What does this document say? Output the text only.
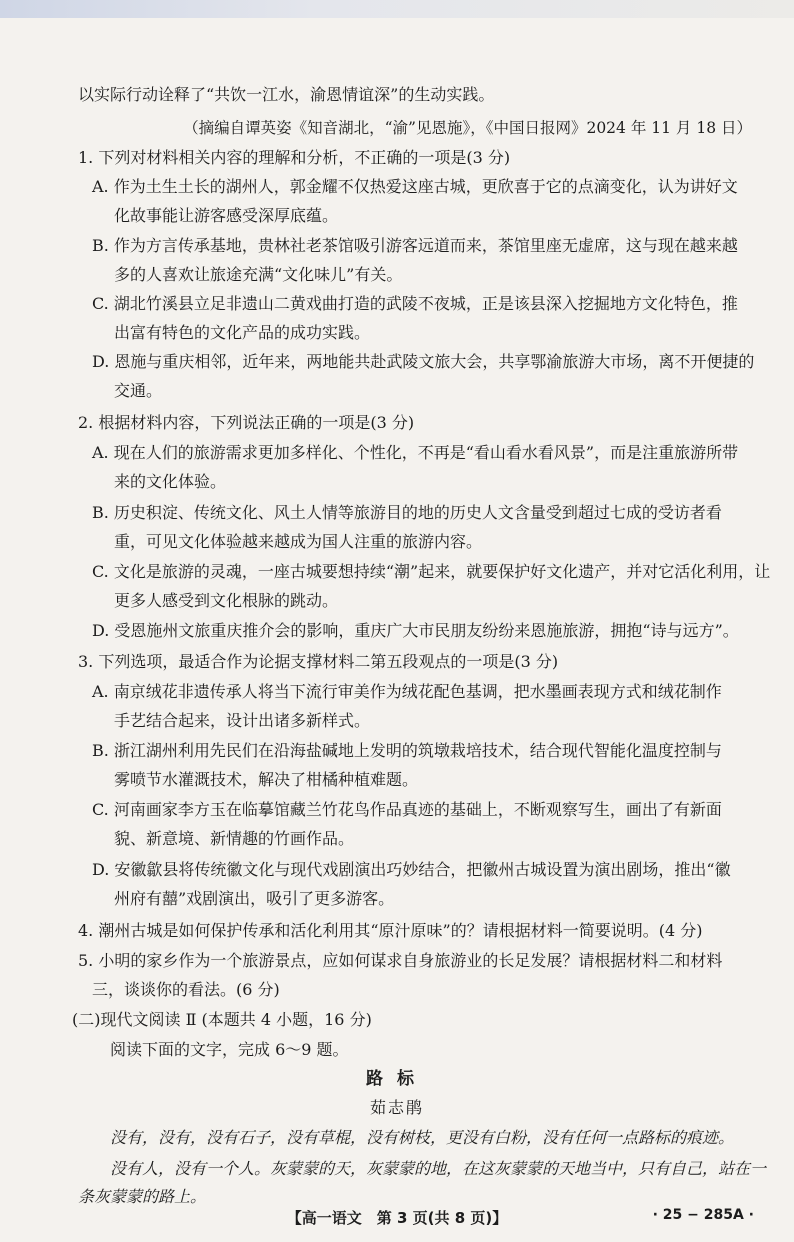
以实际行动诠释了“共饮一江水，渝恩情谊深”的生动实践。
（摘编自谭英姿《知音湖北，“渝”见恩施》，《中国日报网》2024 年 11 月 18 日）
1. 下列对材料相关内容的理解和分析，不正确的一项是(3 分)
A. 作为土生土长的湖州人，郭金耀不仅热爱这座古城，更欣喜于它的点滴变化，认为讲好文
化故事能让游客感受深厚底蕴。
B. 作为方言传承基地，贵林社老茶馆吸引游客远道而来，茶馆里座无虚席，这与现在越来越
多的人喜欢让旅途充满“文化味儿”有关。
C. 湖北竹溪县立足非遗山二黄戏曲打造的武陵不夜城，正是该县深入挖掘地方文化特色，推
出富有特色的文化产品的成功实践。
D. 恩施与重庆相邻，近年来，两地能共赴武陵文旅大会，共享鄂渝旅游大市场，离不开便捷的
交通。
2. 根据材料内容，下列说法正确的一项是(3 分)
A. 现在人们的旅游需求更加多样化、个性化，不再是“看山看水看风景”，而是注重旅游所带
来的文化体验。
B. 历史积淀、传统文化、风土人情等旅游目的地的历史人文含量受到超过七成的受访者看
重，可见文化体验越来越成为国人注重的旅游内容。
C. 文化是旅游的灵魂，一座古城要想持续“潮”起来，就要保护好文化遗产，并对它活化利用，让
更多人感受到文化根脉的跳动。
D. 受恩施州文旅重庆推介会的影响，重庆广大市民朋友纷纷来恩施旅游，拥抱“诗与远方”。
3. 下列选项，最适合作为论据支撑材料二第五段观点的一项是(3 分)
A. 南京绒花非遗传承人将当下流行审美作为绒花配色基调，把水墨画表现方式和绒花制作
手艺结合起来，设计出诸多新样式。
B. 浙江湖州利用先民们在沿海盐碱地上发明的筑墩栽培技术，结合现代智能化温度控制与
雾喷节水灌溉技术，解决了柑橘种植难题。
C. 河南画家李方玉在临摹馆藏兰竹花鸟作品真迹的基础上，不断观察写生，画出了有新面
貌、新意境、新情趣的竹画作品。
D. 安徽歙县将传统徽文化与现代戏剧演出巧妙结合，把徽州古城设置为演出剧场，推出“徽
州府有囍”戏剧演出，吸引了更多游客。
4. 潮州古城是如何保护传承和活化利用其“原汁原味”的？请根据材料一简要说明。(4 分)
5. 小明的家乡作为一个旅游景点，应如何谋求自身旅游业的长足发展？请根据材料二和材料
三，谈谈你的看法。(6 分)
(二)现代文阅读 Ⅱ (本题共 4 小题，16 分)
阅读下面的文字，完成 6～9 题。
路标
茹志鹃
没有，没有，没有石子，没有草棍，没有树枝，更没有白粉，没有任何一点路标的痕迹。
没有人，没有一个人。灰蒙蒙的天，灰蒙蒙的地，在这灰蒙蒙的天地当中，只有自己，站在一
条灰蒙蒙的路上。
【高一语文　第 3 页(共 8 页)】	· 25 − 285A ·
